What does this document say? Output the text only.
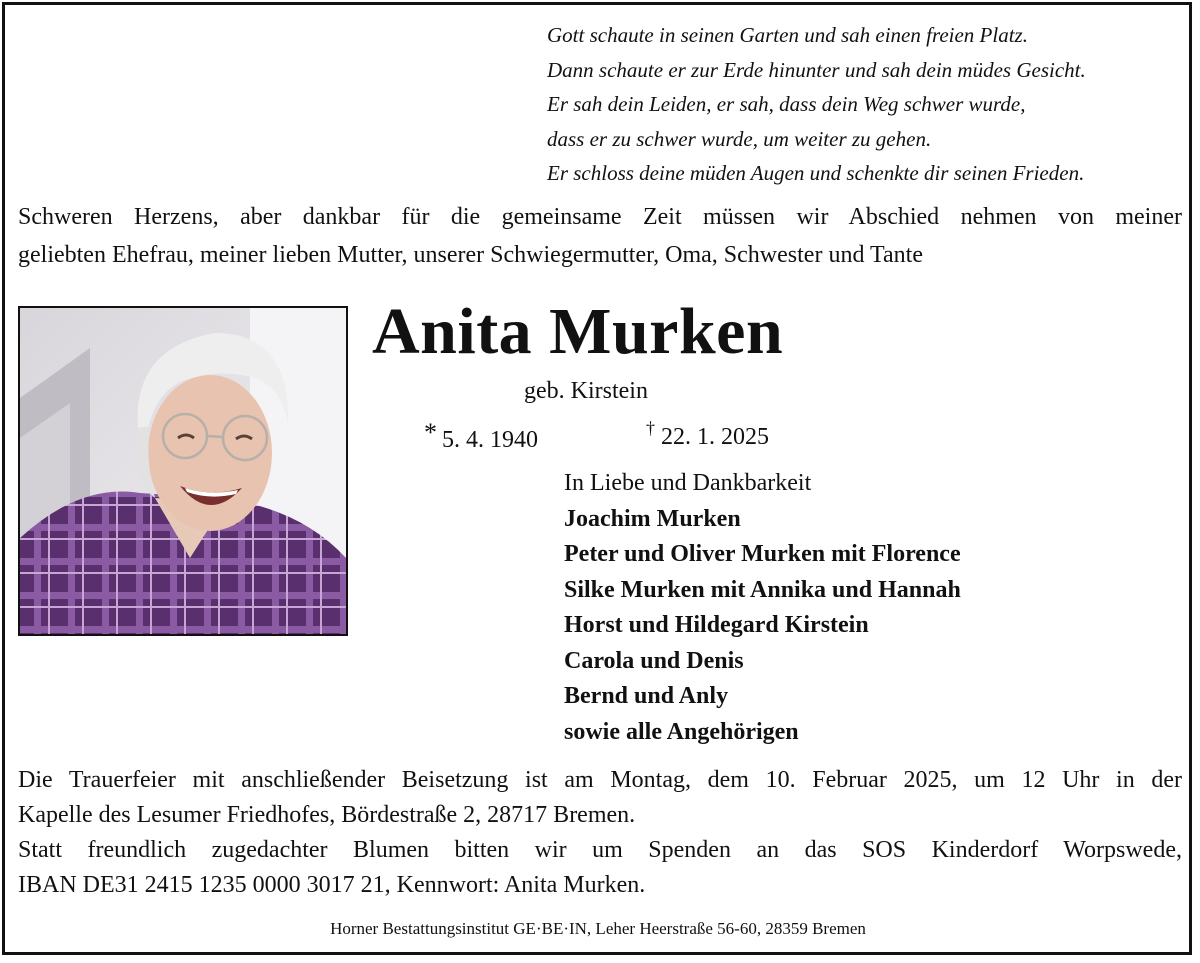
Gott schaute in seinen Garten und sah einen freien Platz.
Dann schaute er zur Erde hinunter und sah dein müdes Gesicht.
Er sah dein Leiden, er sah, dass dein Weg schwer wurde,
dass er zu schwer wurde, um weiter zu gehen.
Er schloss deine müden Augen und schenkte dir seinen Frieden.
Schweren Herzens, aber dankbar für die gemeinsame Zeit müssen wir Abschied nehmen von meiner
geliebten Ehefrau, meiner lieben Mutter, unserer Schwiegermutter, Oma, Schwester und Tante
Anita Murken
geb. Kirstein
* 5. 4. 1940	† 22. 1. 2025
In Liebe und Dankbarkeit
Joachim Murken
Peter und Oliver Murken mit Florence
Silke Murken mit Annika und Hannah
Horst und Hildegard Kirstein
Carola und Denis
Bernd und Anly
sowie alle Angehörigen
Die Trauerfeier mit anschließender Beisetzung ist am Montag, dem 10. Februar 2025, um 12 Uhr in der
Kapelle des Lesumer Friedhofes, Bördestraße 2, 28717 Bremen.
Statt freundlich zugedachter Blumen bitten wir um Spenden an das SOS Kinderdorf Worpswede,
IBAN DE31 2415 1235 0000 3017 21, Kennwort: Anita Murken.
Horner Bestattungsinstitut GE·BE·IN, Leher Heerstraße 56-60, 28359 Bremen
